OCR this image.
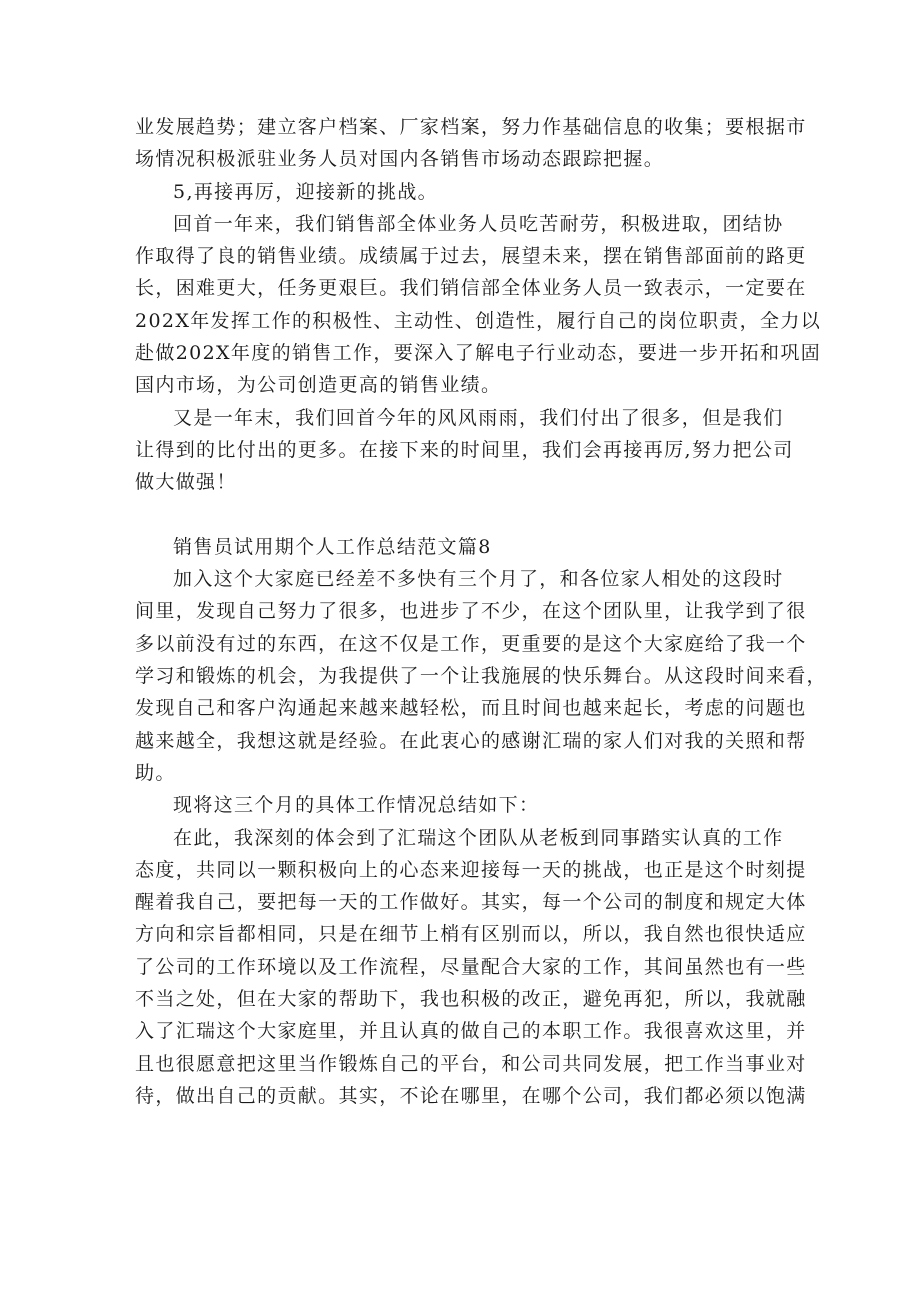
业发展趋势；建立客户档案、厂家档案，努力作基础信息的收集；要根据市
场情况积极派驻业务人员对国内各销售市场动态跟踪把握。
5,再接再厉，迎接新的挑战。
回首一年来，我们销售部全体业务人员吃苦耐劳，积极进取，团结协
作取得了良的销售业绩。成绩属于过去，展望未来，摆在销售部面前的路更
长，困难更大，任务更艰巨。我们销信部全体业务人员一致表示，一定要在
202X年发挥工作的积极性、主动性、创造性，履行自己的岗位职责，全力以
赴做202X年度的销售工作，要深入了解电子行业动态，要进一步开拓和巩固
国内市场，为公司创造更高的销售业绩。
又是一年末，我们回首今年的风风雨雨，我们付出了很多，但是我们
让得到的比付出的更多。在接下来的时间里，我们会再接再厉,努力把公司
做大做强！
销售员试用期个人工作总结范文篇8
加入这个大家庭已经差不多快有三个月了，和各位家人相处的这段时
间里，发现自己努力了很多，也进步了不少，在这个团队里，让我学到了很
多以前没有过的东西，在这不仅是工作，更重要的是这个大家庭给了我一个
学习和锻炼的机会，为我提供了一个让我施展的快乐舞台。从这段时间来看，
发现自己和客户沟通起来越来越轻松，而且时间也越来起长，考虑的问题也
越来越全，我想这就是经验。在此衷心的感谢汇瑞的家人们对我的关照和帮
助。
现将这三个月的具体工作情况总结如下：
在此，我深刻的体会到了汇瑞这个团队从老板到同事踏实认真的工作
态度，共同以一颗积极向上的心态来迎接每一天的挑战，也正是这个时刻提
醒着我自己，要把每一天的工作做好。其实，每一个公司的制度和规定大体
方向和宗旨都相同，只是在细节上梢有区别而以，所以，我自然也很快适应
了公司的工作环境以及工作流程，尽量配合大家的工作，其间虽然也有一些
不当之处，但在大家的帮助下，我也积极的改正，避免再犯，所以，我就融
入了汇瑞这个大家庭里，并且认真的做自己的本职工作。我很喜欢这里，并
且也很愿意把这里当作锻炼自己的平台，和公司共同发展，把工作当事业对
待，做出自己的贡献。其实，不论在哪里，在哪个公司，我们都必须以饱满
